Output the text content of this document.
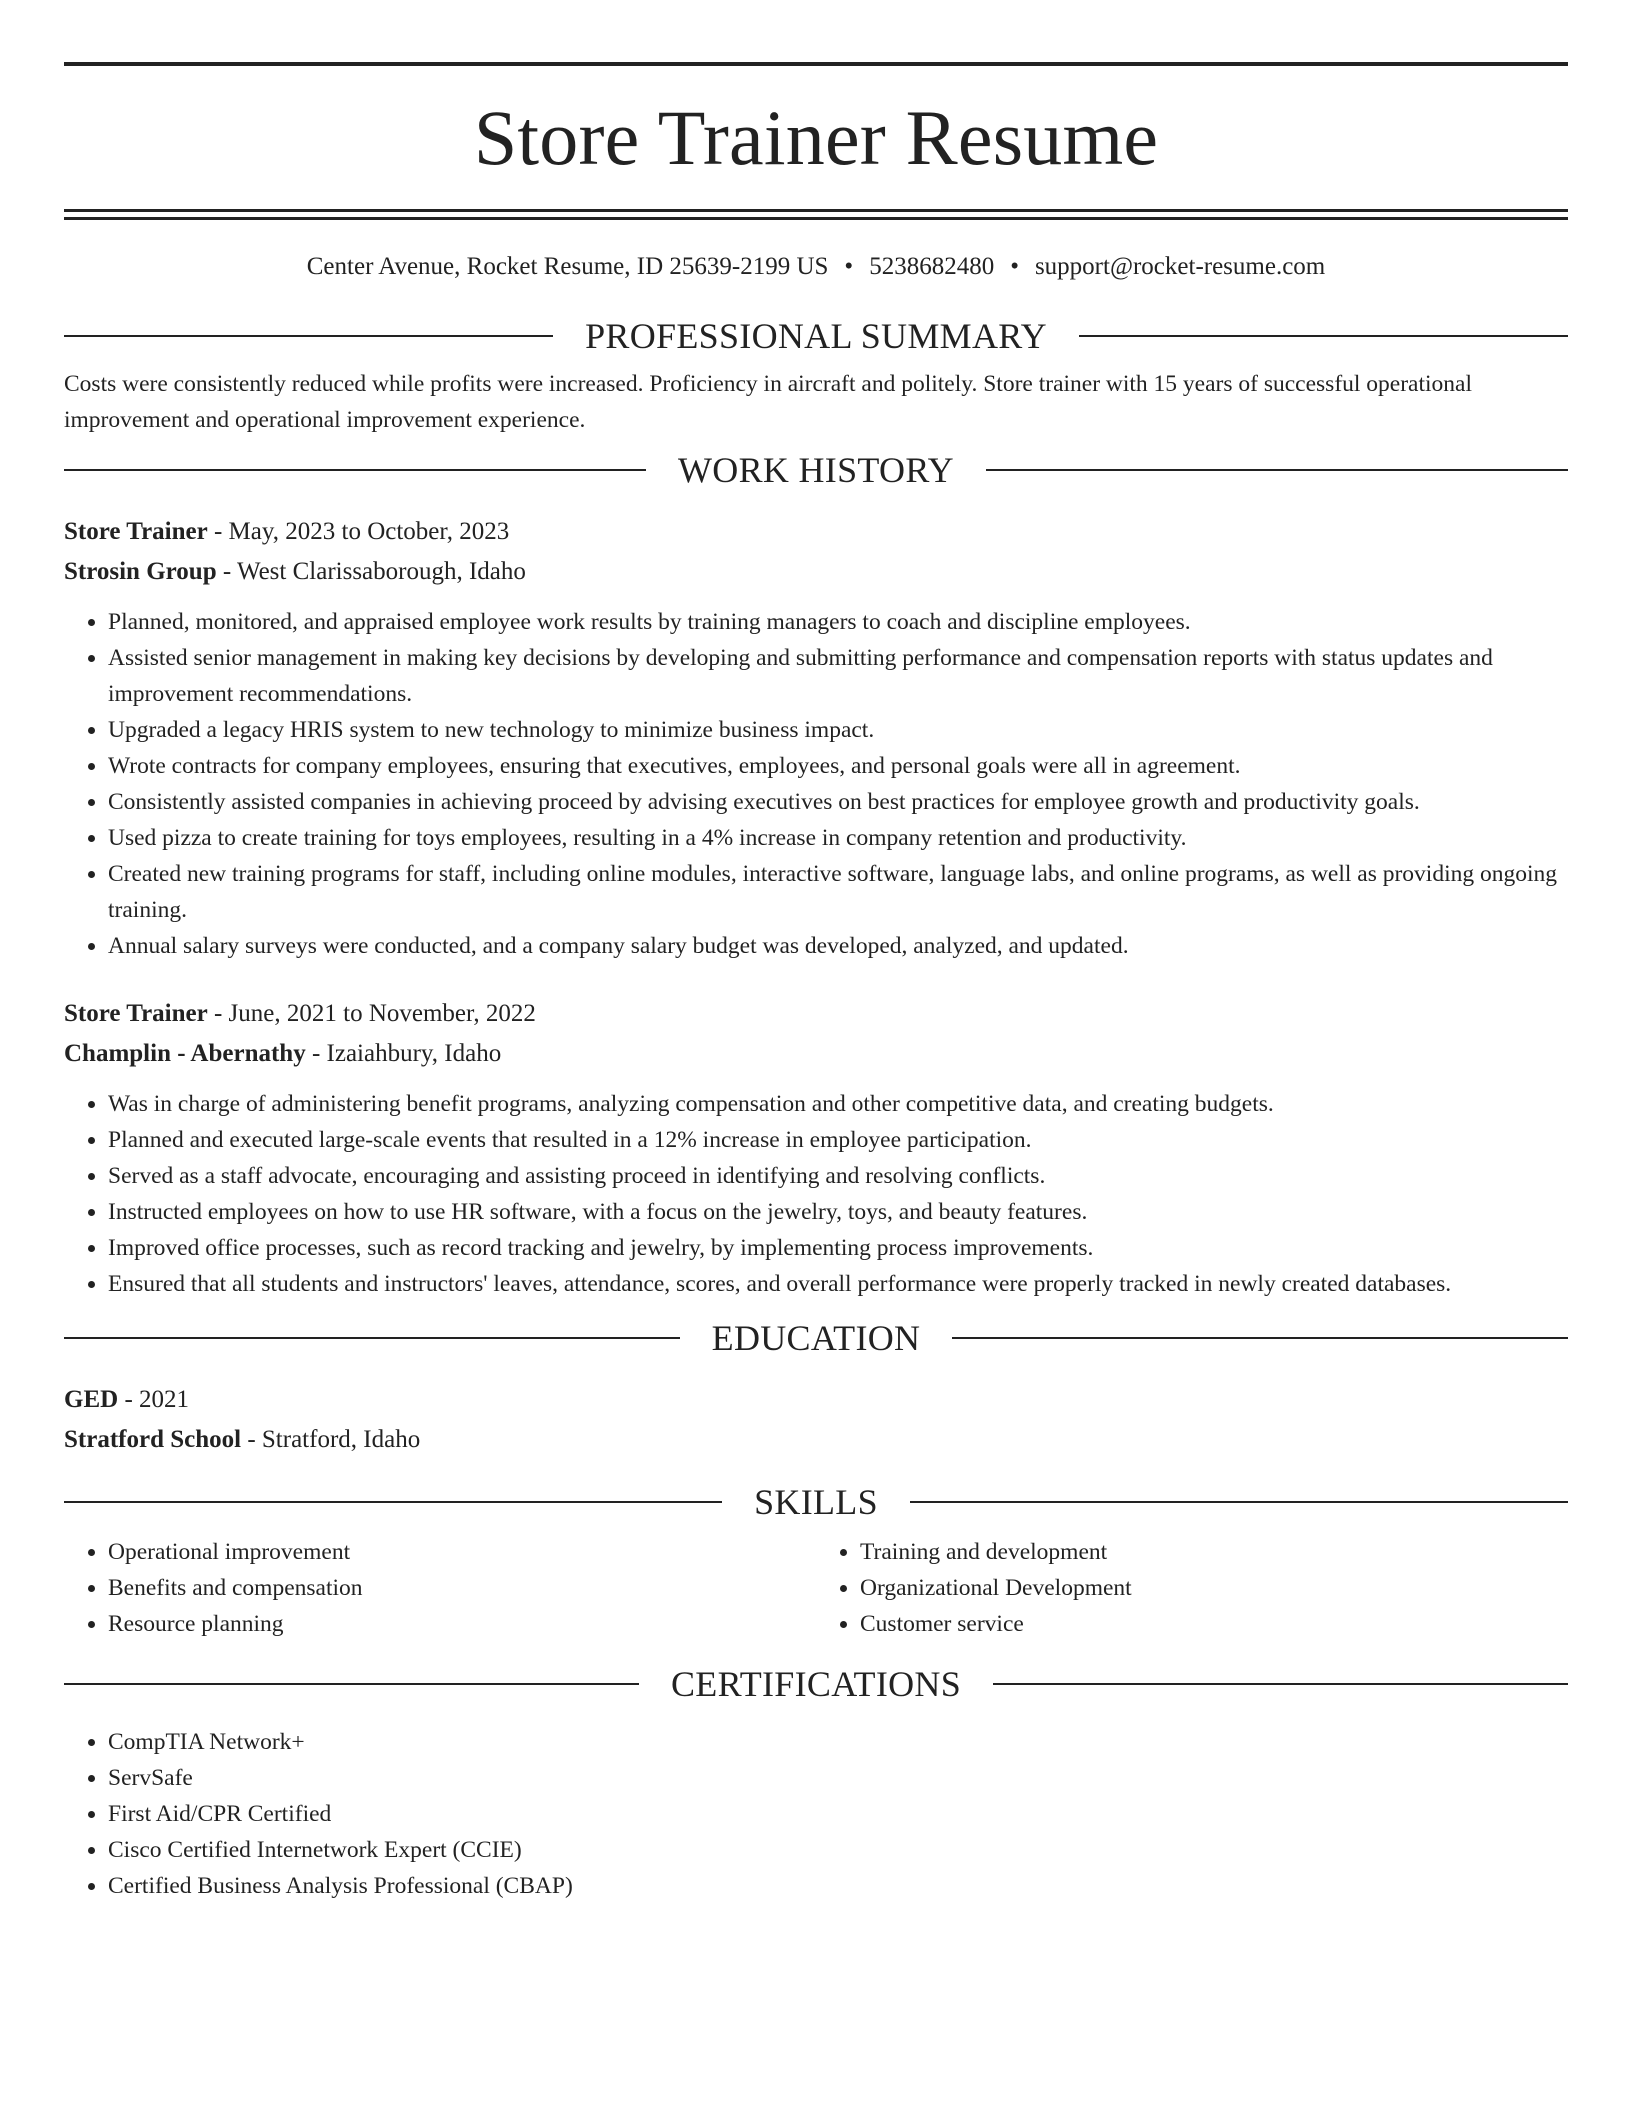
Store Trainer Resume
Center Avenue, Rocket Resume, ID 25639-2199 US • 5238682480 • support@rocket-resume.com
PROFESSIONAL SUMMARY
Costs were consistently reduced while profits were increased. Proficiency in aircraft and politely. Store trainer with 15 years of successful operational improvement and operational improvement experience.
WORK HISTORY
Store Trainer - May, 2023 to October, 2023
Strosin Group - West Clarissaborough, Idaho
• Planned, monitored, and appraised employee work results by training managers to coach and discipline employees.
• Assisted senior management in making key decisions by developing and submitting performance and compensation reports with status updates and improvement recommendations.
• Upgraded a legacy HRIS system to new technology to minimize business impact.
• Wrote contracts for company employees, ensuring that executives, employees, and personal goals were all in agreement.
• Consistently assisted companies in achieving proceed by advising executives on best practices for employee growth and productivity goals.
• Used pizza to create training for toys employees, resulting in a 4% increase in company retention and productivity.
• Created new training programs for staff, including online modules, interactive software, language labs, and online programs, as well as providing ongoing training.
• Annual salary surveys were conducted, and a company salary budget was developed, analyzed, and updated.
Store Trainer - June, 2021 to November, 2022
Champlin - Abernathy - Izaiahbury, Idaho
• Was in charge of administering benefit programs, analyzing compensation and other competitive data, and creating budgets.
• Planned and executed large-scale events that resulted in a 12% increase in employee participation.
• Served as a staff advocate, encouraging and assisting proceed in identifying and resolving conflicts.
• Instructed employees on how to use HR software, with a focus on the jewelry, toys, and beauty features.
• Improved office processes, such as record tracking and jewelry, by implementing process improvements.
• Ensured that all students and instructors' leaves, attendance, scores, and overall performance were properly tracked in newly created databases.
EDUCATION
GED - 2021
Stratford School - Stratford, Idaho
SKILLS
• Operational improvement
• Benefits and compensation
• Resource planning
• Training and development
• Organizational Development
• Customer service
CERTIFICATIONS
• CompTIA Network+
• ServSafe
• First Aid/CPR Certified
• Cisco Certified Internetwork Expert (CCIE)
• Certified Business Analysis Professional (CBAP)
